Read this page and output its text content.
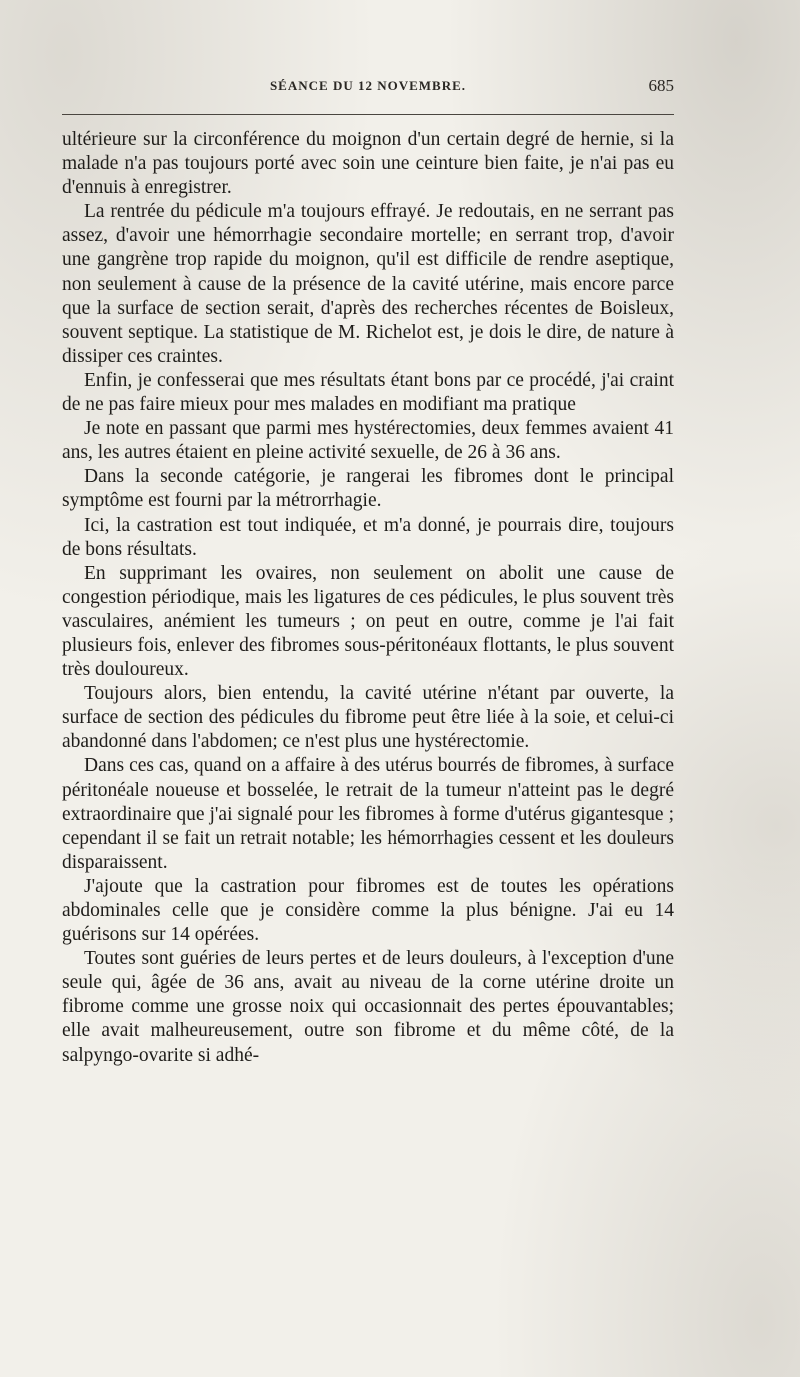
SÉANCE DU 12 NOVEMBRE.	685

ultérieure sur la circonférence du moignon d'un certain degré de hernie, si la malade n'a pas toujours porté avec soin une ceinture bien faite, je n'ai pas eu d'ennuis à enregistrer.

La rentrée du pédicule m'a toujours effrayé. Je redoutais, en ne serrant pas assez, d'avoir une hémorrhagie secondaire mortelle; en serrant trop, d'avoir une gangrène trop rapide du moignon, qu'il est difficile de rendre aseptique, non seulement à cause de la présence de la cavité utérine, mais encore parce que la surface de section serait, d'après des recherches récentes de Boisleux, souvent septique. La statistique de M. Richelot est, je dois le dire, de nature à dissiper ces craintes.

Enfin, je confesserai que mes résultats étant bons par ce procédé, j'ai craint de ne pas faire mieux pour mes malades en modifiant ma pratique

Je note en passant que parmi mes hystérectomies, deux femmes avaient 41 ans, les autres étaient en pleine activité sexuelle, de 26 à 36 ans.

Dans la seconde catégorie, je rangerai les fibromes dont le principal symptôme est fourni par la métrorrhagie.

Ici, la castration est tout indiquée, et m'a donné, je pourrais dire, toujours de bons résultats.

En supprimant les ovaires, non seulement on abolit une cause de congestion périodique, mais les ligatures de ces pédicules, le plus souvent très vasculaires, anémient les tumeurs ; on peut en outre, comme je l'ai fait plusieurs fois, enlever des fibromes sous-péritonéaux flottants, le plus souvent très douloureux.

Toujours alors, bien entendu, la cavité utérine n'étant par ouverte, la surface de section des pédicules du fibrome peut être liée à la soie, et celui-ci abandonné dans l'abdomen; ce n'est plus une hystérectomie.

Dans ces cas, quand on a affaire à des utérus bourrés de fibromes, à surface péritonéale noueuse et bosselée, le retrait de la tumeur n'atteint pas le degré extraordinaire que j'ai signalé pour les fibromes à forme d'utérus gigantesque ; cependant il se fait un retrait notable; les hémorrhagies cessent et les douleurs disparaissent.

J'ajoute que la castration pour fibromes est de toutes les opérations abdominales celle que je considère comme la plus bénigne. J'ai eu 14 guérisons sur 14 opérées.

Toutes sont guéries de leurs pertes et de leurs douleurs, à l'exception d'une seule qui, âgée de 36 ans, avait au niveau de la corne utérine droite un fibrome comme une grosse noix qui occasionnait des pertes épouvantables; elle avait malheureusement, outre son fibrome et du même côté, de la salpyngo-ovarite si adhé-
